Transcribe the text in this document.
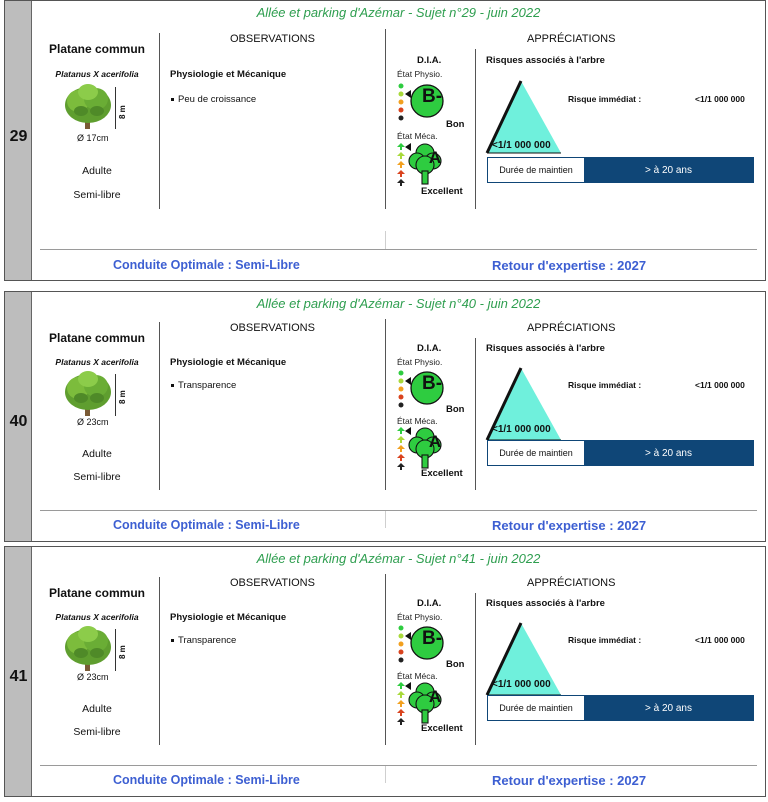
29
Allée et parking d'Azémar - Sujet n°29 - juin 2022
Platane commun
Platanus X acerifolia
8 m
Ø 17cm
Adulte
Semi-libre
OBSERVATIONS
Physiologie et Mécanique
Peu de croissance
D.I.A.
État Physio.
B-
Bon
État Méca.
A
Excellent
APPRÉCIATIONS
Risques associés à l'arbre
<1/1 000 000
Risque immédiat :	<1/1 000 000
Durée de maintien	> à 20 ans
Conduite Optimale : Semi-Libre	Retour d'expertise : 2027
40
Allée et parking d'Azémar - Sujet n°40 - juin 2022
Platane commun
Platanus X acerifolia
8 m
Ø 23cm
Adulte
Semi-libre
OBSERVATIONS
Physiologie et Mécanique
Transparence
D.I.A.
État Physio.
B-
Bon
État Méca.
A
Excellent
APPRÉCIATIONS
Risques associés à l'arbre
<1/1 000 000
Risque immédiat :	<1/1 000 000
Durée de maintien	> à 20 ans
Conduite Optimale : Semi-Libre	Retour d'expertise : 2027
41
Allée et parking d'Azémar - Sujet n°41 - juin 2022
Platane commun
Platanus X acerifolia
8 m
Ø 23cm
Adulte
Semi-libre
OBSERVATIONS
Physiologie et Mécanique
Transparence
D.I.A.
État Physio.
B-
Bon
État Méca.
A
Excellent
APPRÉCIATIONS
Risques associés à l'arbre
<1/1 000 000
Risque immédiat :	<1/1 000 000
Durée de maintien	> à 20 ans
Conduite Optimale : Semi-Libre	Retour d'expertise : 2027
